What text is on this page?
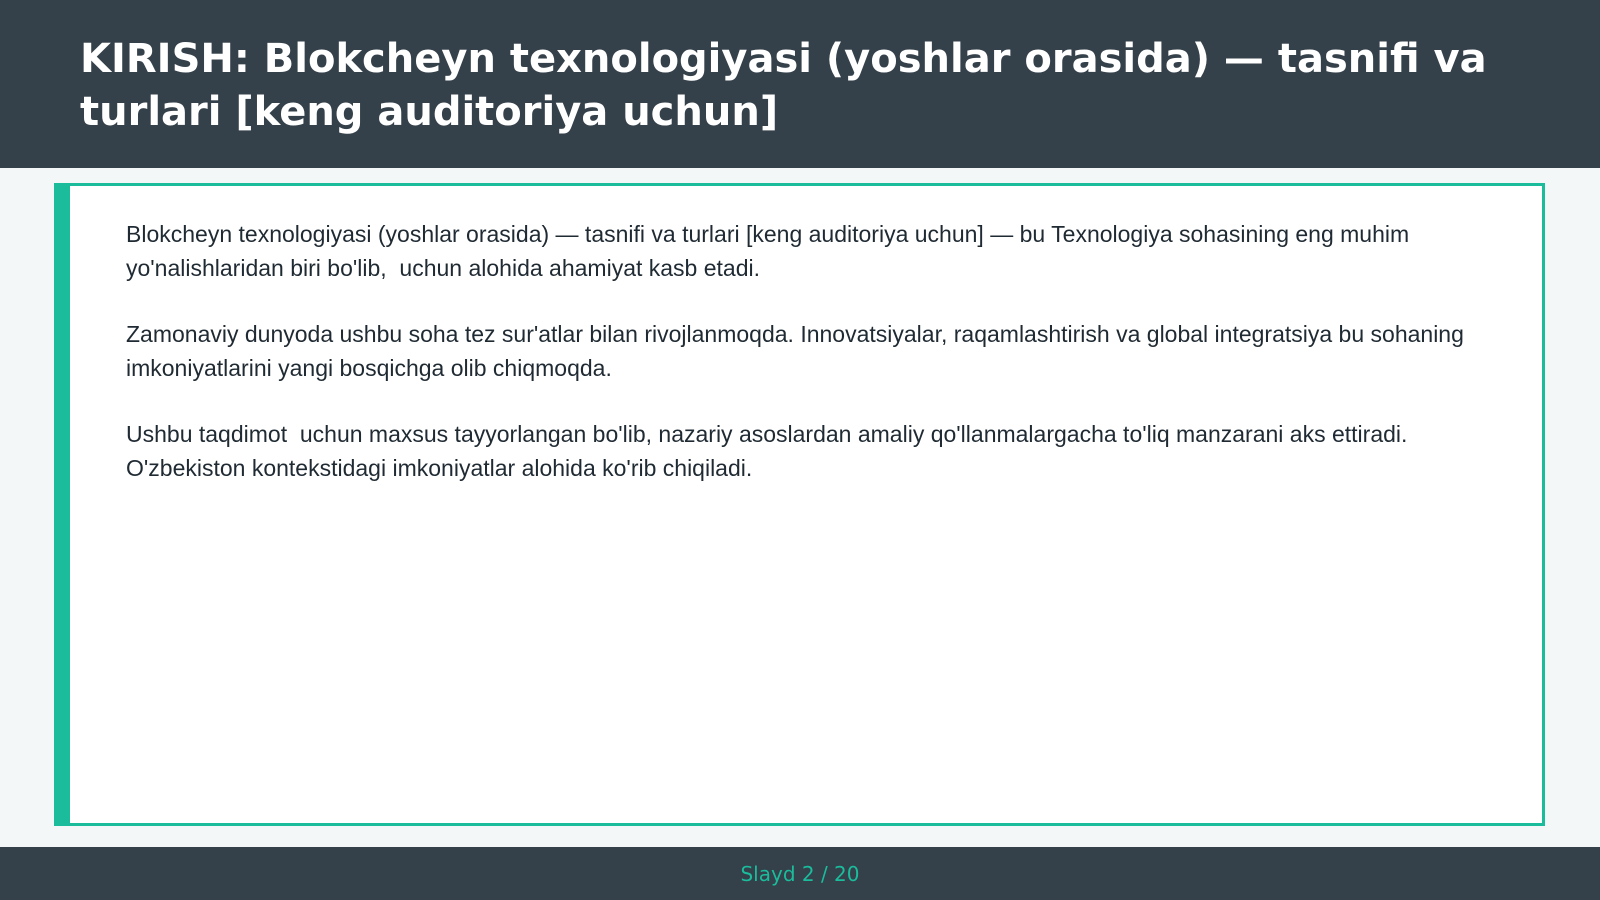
KIRISH: Blokcheyn texnologiyasi (yoshlar orasida) — tasnifi va turlari [keng auditoriya uchun]

Blokcheyn texnologiyasi (yoshlar orasida) — tasnifi va turlari [keng auditoriya uchun] — bu Texnologiya sohasining eng muhim yo'nalishlaridan biri bo'lib,  uchun alohida ahamiyat kasb etadi.

Zamonaviy dunyoda ushbu soha tez sur'atlar bilan rivojlanmoqda. Innovatsiyalar, raqamlashtirish va global integratsiya bu sohaning imkoniyatlarini yangi bosqichga olib chiqmoqda.

Ushbu taqdimot  uchun maxsus tayyorlangan bo'lib, nazariy asoslardan amaliy qo'llanmalargacha to'liq manzarani aks ettiradi. O'zbekiston kontekstidagi imkoniyatlar alohida ko'rib chiqiladi.

Slayd 2 / 20
